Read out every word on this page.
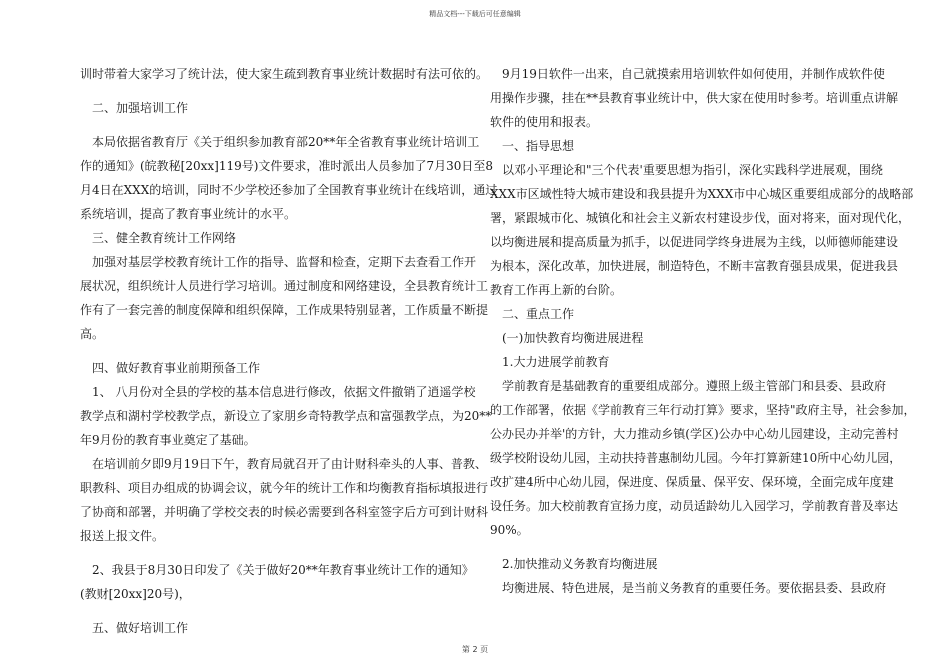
精品文档---下载后可任意编辑
训时带着大家学习了统计法，使大家生疏到教育事业统计数据时有法可依的。
二、加强培训工作
本局依据省教育厅《关于组织参加教育部20**年全省教育事业统计培训工
作的通知》(皖教秘[20xx]119号)文件要求，准时派出人员参加了7月30日至8
月4日在XXX的培训，同时不少学校还参加了全国教育事业统计在线培训，通过
系统培训，提高了教育事业统计的水平。
三、健全教育统计工作网络
加强对基层学校教育统计工作的指导、监督和检查，定期下去查看工作开
展状况，组织统计人员进行学习培训。通过制度和网络建设，全县教育统计工
作有了一套完善的制度保障和组织保障，工作成果特别显著，工作质量不断提
高。
四、做好教育事业前期预备工作
1、 八月份对全县的学校的基本信息进行修改，依据文件撤销了逍遥学校
教学点和湖村学校教学点，新设立了家朋乡奇特教学点和富强教学点，为20**
年9月份的教育事业奠定了基础。
在培训前夕即9月19日下午，教育局就召开了由计财科牵头的人事、普教、
职教科、项目办组成的协调会议，就今年的统计工作和均衡教育指标填报进行
了协商和部署，并明确了学校交表的时候必需要到各科室签字后方可到计财科
报送上报文件。
2、我县于8月30日印发了《关于做好20**年教育事业统计工作的通知》
(教财[20xx]20号)，
五、做好培训工作
9月19日软件一出来，自己就摸索用培训软件如何使用，并制作成软件使
用操作步骤，挂在**县教育事业统计中，供大家在使用时参考。培训重点讲解
软件的使用和报表。
一、指导思想
以邓小平理论和"三个代表'重要思想为指引，深化实践科学进展观，围绕
XXX市区域性特大城市建设和我县提升为XXX市中心城区重要组成部分的战略部
署，紧跟城市化、城镇化和社会主义新农村建设步伐，面对将来，面对现代化，
以均衡进展和提高质量为抓手，以促进同学终身进展为主线，以师德师能建设
为根本，深化改革，加快进展，制造特色，不断丰富教育强县成果，促进我县
教育工作再上新的台阶。
二、重点工作
(一)加快教育均衡进展进程
1.大力进展学前教育
学前教育是基础教育的重要组成部分。遵照上级主管部门和县委、县政府
的工作部署，依据《学前教育三年行动打算》要求，坚持"政府主导，社会参加，
公办民办并举'的方针，大力推动乡镇(学区)公办中心幼儿园建设，主动完善村
级学校附设幼儿园，主动扶持普惠制幼儿园。今年打算新建10所中心幼儿园，
改扩建4所中心幼儿园，保进度、保质量、保平安、保环境，全面完成年度建
设任务。加大校前教育宣扬力度，动员适龄幼儿入园学习，学前教育普及率达
90%。
2.加快推动义务教育均衡进展
均衡进展、特色进展，是当前义务教育的重要任务。要依据县委、县政府
第 2 页
